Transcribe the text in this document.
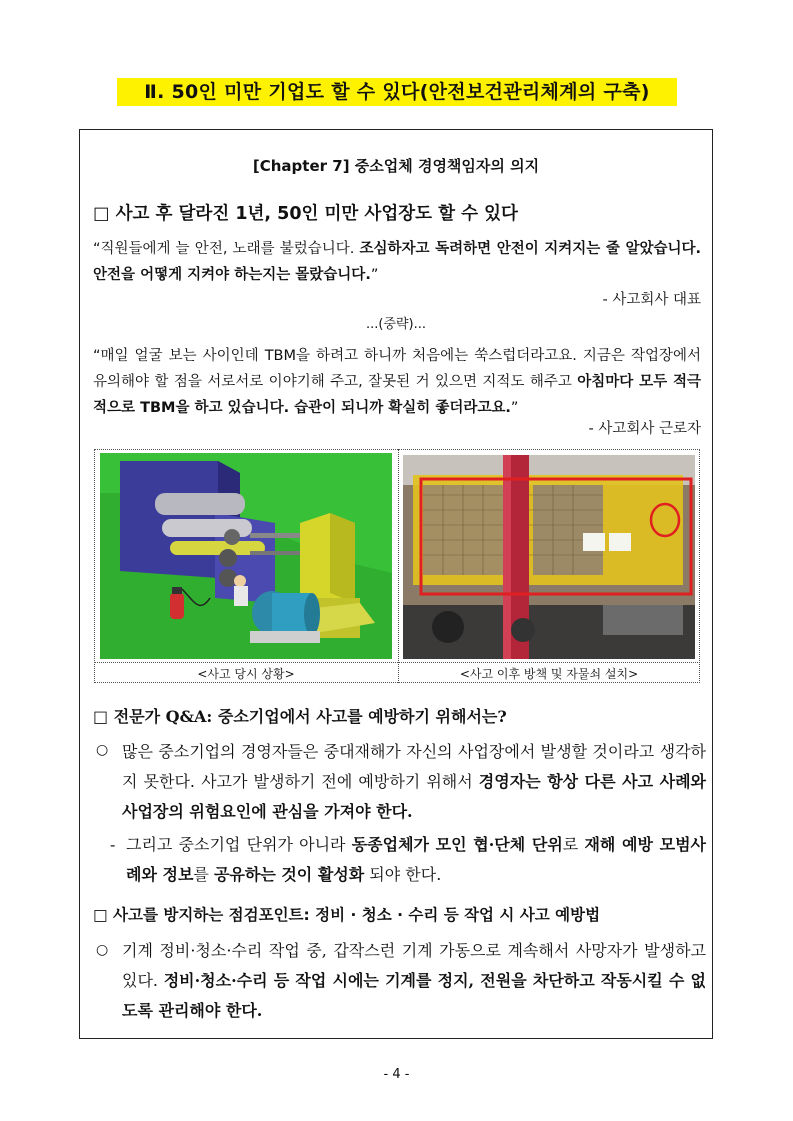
Ⅱ. 50인 미만 기업도 할 수 있다(안전보건관리체계의 구축)
[Chapter 7] 중소업체 경영책임자의 의지
□ 사고 후 달라진 1년, 50인 미만 사업장도 할 수 있다
“직원들에게 늘 안전, 노래를 불렀습니다. 조심하자고 독려하면 안전이 지켜지는 줄 알았습니다. 안전을 어떻게 지켜야 하는지는 몰랐습니다.”
- 사고회사 대표
...(중략)...
“매일 얼굴 보는 사이인데 TBM을 하려고 하니까 처음에는 쑥스럽더라고요. 지금은 작업장에서 유의해야 할 점을 서로서로 이야기해 주고, 잘못된 거 있으면 지적도 해주고 아침마다 모두 적극적으로 TBM을 하고 있습니다. 습관이 되니까 확실히 좋더라고요.”
- 사고회사 근로자
<사고 당시 상황>	<사고 이후 방책 및 자물쇠 설치>
□ 전문가 Q&A: 중소기업에서 사고를 예방하기 위해서는?
○ 많은 중소기업의 경영자들은 중대재해가 자신의 사업장에서 발생할 것이라고 생각하지 못한다. 사고가 발생하기 전에 예방하기 위해서 경영자는 항상 다른 사고 사례와 사업장의 위험요인에 관심을 가져야 한다.
- 그리고 중소기업 단위가 아니라 동종업체가 모인 협·단체 단위로 재해 예방 모범사례와 정보를 공유하는 것이 활성화 되야 한다.
□ 사고를 방지하는 점검포인트: 정비 · 청소 · 수리 등 작업 시 사고 예방법
○ 기계 정비·청소·수리 작업 중, 갑작스런 기계 가동으로 계속해서 사망자가 발생하고 있다. 정비·청소·수리 등 작업 시에는 기계를 정지, 전원을 차단하고 작동시킬 수 없도록 관리해야 한다.
- 4 -
